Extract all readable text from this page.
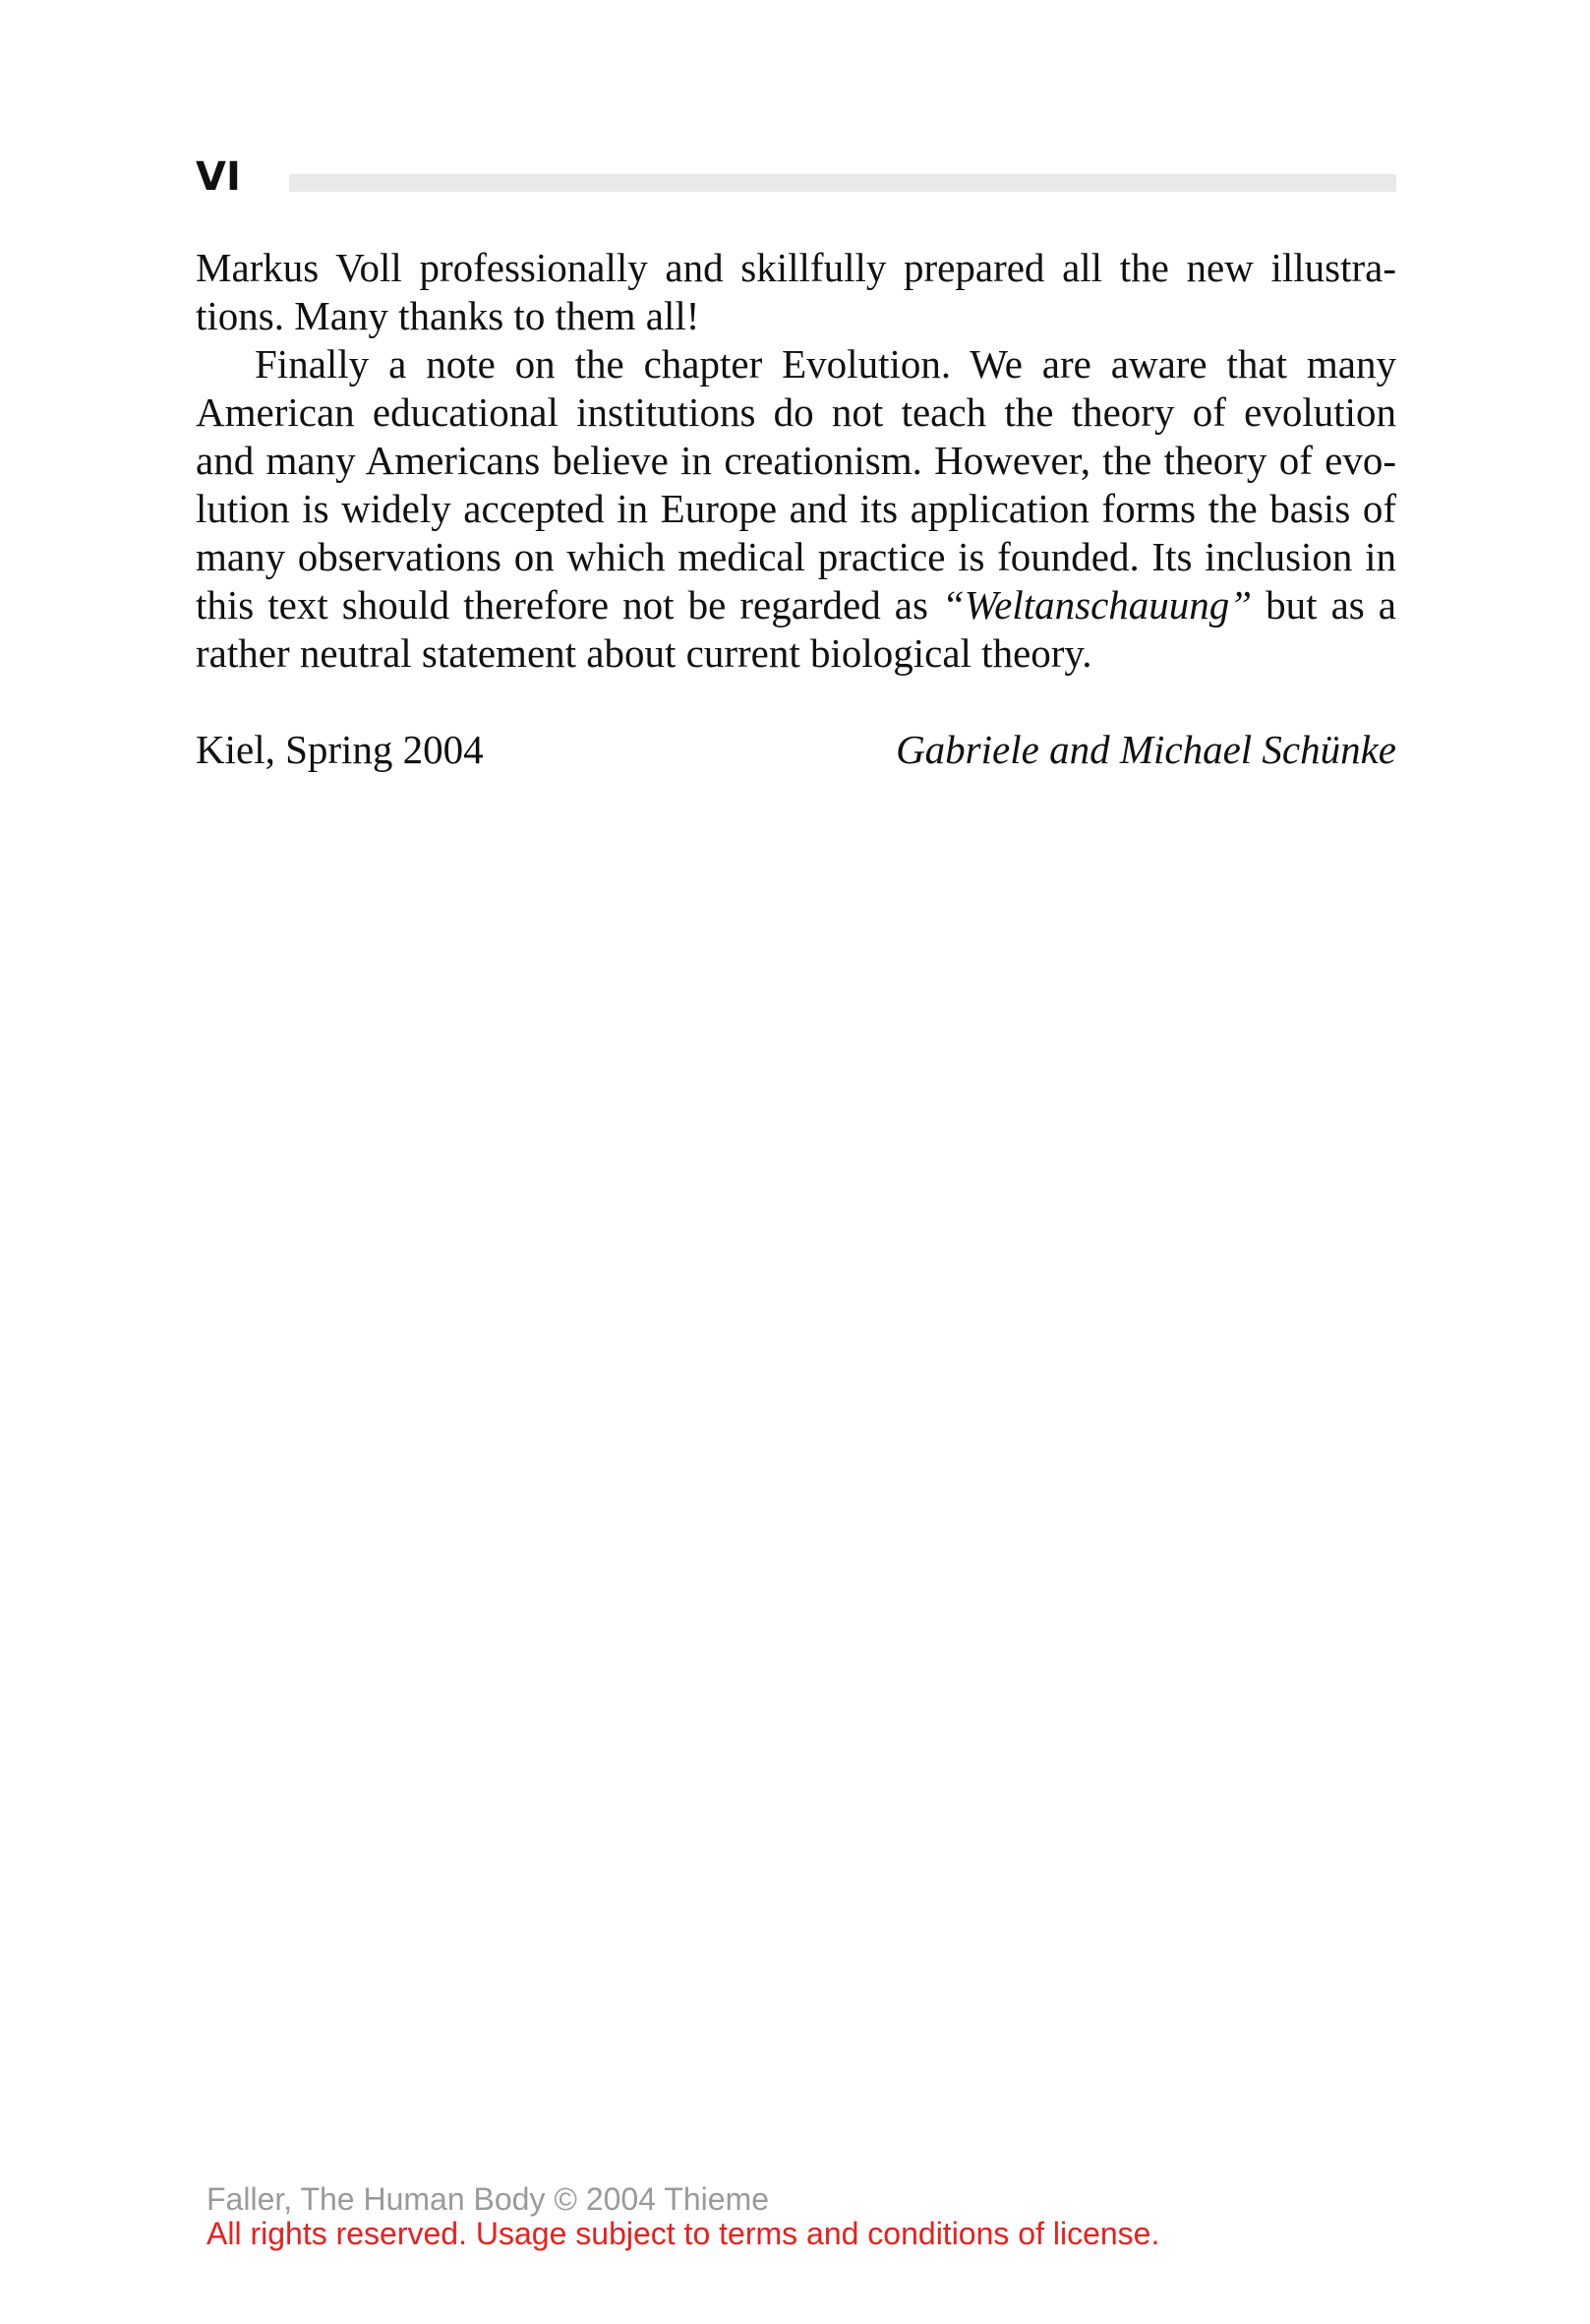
VI

Markus Voll professionally and skillfully prepared all the new illustra-
tions. Many thanks to them all!

Finally a note on the chapter Evolution. We are aware that many
American educational institutions do not teach the theory of evolution
and many Americans believe in creationism. However, the theory of evo-
lution is widely accepted in Europe and its application forms the basis of
many observations on which medical practice is founded. Its inclusion in
this text should therefore not be regarded as “Weltanschauung” but as a
rather neutral statement about current biological theory.

Kiel, Spring 2004	Gabriele and Michael Schünke
Faller, The Human Body © 2004 Thieme
All rights reserved. Usage subject to terms and conditions of license.
